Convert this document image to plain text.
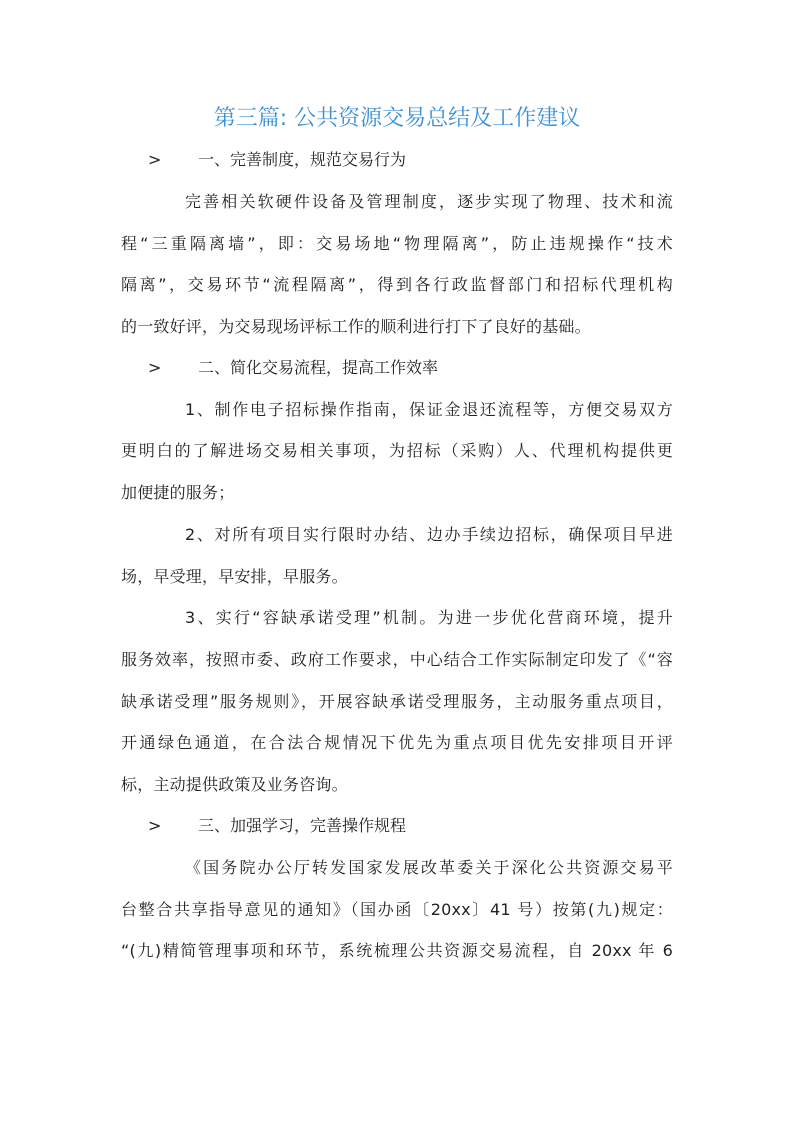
第三篇: 公共资源交易总结及工作建议
> 一、完善制度，规范交易行为
完善相关软硬件设备及管理制度，逐步实现了物理、技术和流
程“三重隔离墙”，即：交易场地“物理隔离”，防止违规操作“技术
隔离”，交易环节“流程隔离”，得到各行政监督部门和招标代理机构
的一致好评，为交易现场评标工作的顺利进行打下了良好的基础。
> 二、简化交易流程，提高工作效率
1、制作电子招标操作指南，保证金退还流程等，方便交易双方
更明白的了解进场交易相关事项，为招标（采购）人、代理机构提供更
加便捷的服务；
2、对所有项目实行限时办结、边办手续边招标，确保项目早进
场，早受理，早安排，早服务。
3、实行“容缺承诺受理”机制。为进一步优化营商环境，提升
服务效率，按照市委、政府工作要求，中心结合工作实际制定印发了《“容
缺承诺受理”服务规则》，开展容缺承诺受理服务，主动服务重点项目，
开通绿色通道，在合法合规情况下优先为重点项目优先安排项目开评
标，主动提供政策及业务咨询。
> 三、加强学习，完善操作规程
《国务院办公厅转发国家发展改革委关于深化公共资源交易平
台整合共享指导意见的通知》（国办函〔20xx〕41 号）按第(九)规定：
“(九)精简管理事项和环节，系统梳理公共资源交易流程，自 20xx 年 6
